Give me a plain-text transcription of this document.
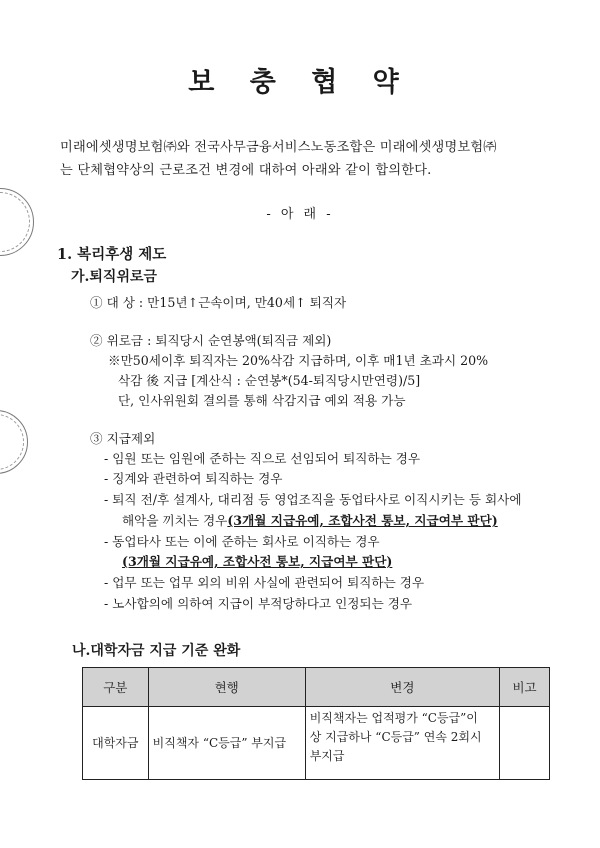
보 충 협 약
미래에셋생명보험㈜와 전국사무금융서비스노동조합은 미래에셋생명보험㈜
는 단체협약상의 근로조건 변경에 대하여 아래와 같이 합의한다.
- 아 래 -
1. 복리후생 제도
가.퇴직위로금
① 대 상 : 만15년↑근속이며, 만40세↑ 퇴직자
② 위로금 : 퇴직당시 순연봉액(퇴직금 제외)
※만50세이후 퇴직자는 20%삭감 지급하며, 이후 매1년 초과시 20%
삭감 後 지급 [계산식 : 순연봉*(54-퇴직당시만연령)/5]
단, 인사위원회 결의를 통해 삭감지급 예외 적용 가능
③ 지급제외
- 임원 또는 임원에 준하는 직으로 선임되어 퇴직하는 경우
- 징계와 관련하여 퇴직하는 경우
- 퇴직 전/후 설계사, 대리점 등 영업조직을 동업타사로 이직시키는 등 회사에
해악을 끼치는 경우(3개월 지급유예, 조합사전 통보, 지급여부 판단)
- 동업타사 또는 이에 준하는 회사로 이직하는 경우
(3개월 지급유예, 조합사전 통보, 지급여부 판단)
- 업무 또는 업무 외의 비위 사실에 관련되어 퇴직하는 경우
- 노사합의에 의하여 지급이 부적당하다고 인정되는 경우
나.대학자금 지급 기준 완화
구분	현행	변경	비고
대학자금	비직책자 “C등급” 부지급	비직책자는 업적평가 “C등급”이
상 지급하나 “C등급” 연속 2회시
부지급	
